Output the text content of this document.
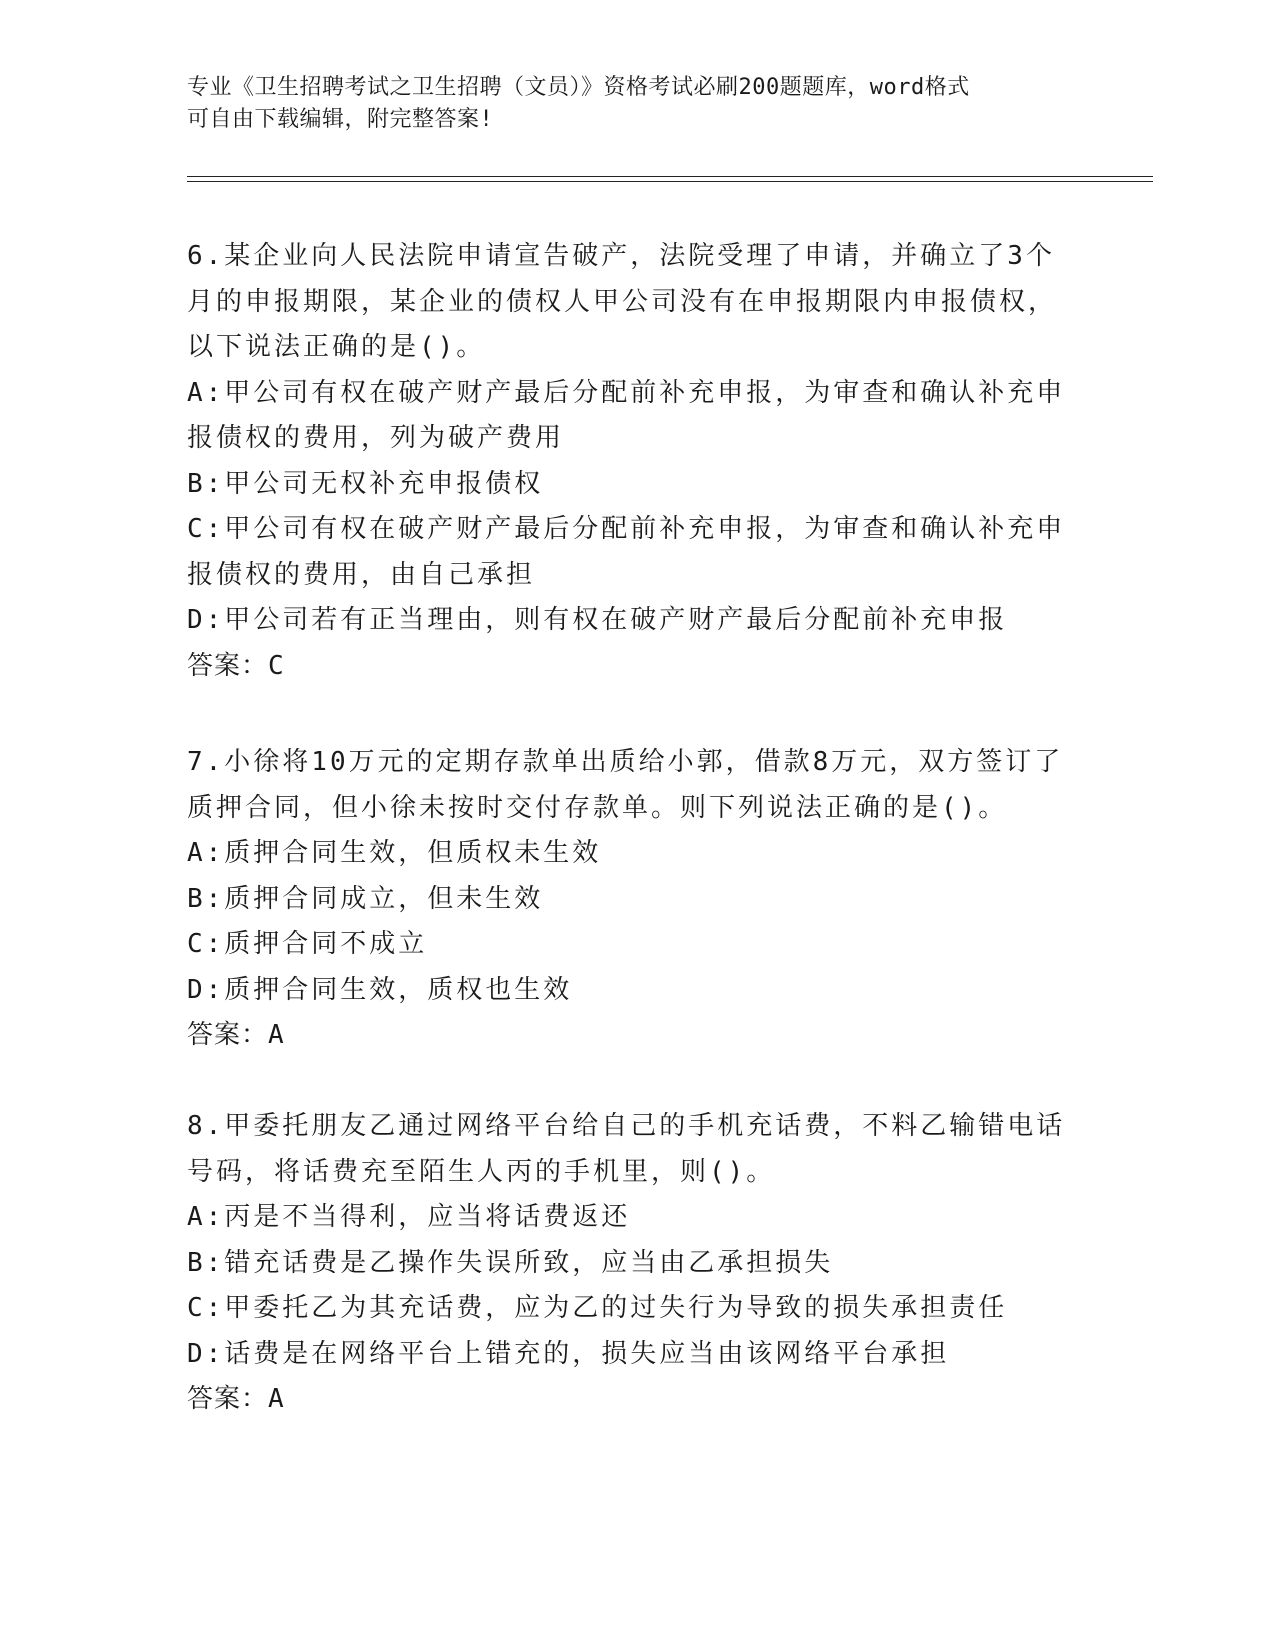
专业《卫生招聘考试之卫生招聘（文员）》资格考试必刷200题题库，word格式
可自由下载编辑，附完整答案!
6.某企业向人民法院申请宣告破产，法院受理了申请，并确立了3个
月的申报期限，某企业的债权人甲公司没有在申报期限内申报债权，
以下说法正确的是()。
A:甲公司有权在破产财产最后分配前补充申报，为审查和确认补充申
报债权的费用，列为破产费用
B:甲公司无权补充申报债权
C:甲公司有权在破产财产最后分配前补充申报，为审查和确认补充申
报债权的费用，由自己承担
D:甲公司若有正当理由，则有权在破产财产最后分配前补充申报
答案：C
7.小徐将10万元的定期存款单出质给小郭，借款8万元，双方签订了
质押合同，但小徐未按时交付存款单。则下列说法正确的是()。
A:质押合同生效，但质权未生效
B:质押合同成立，但未生效
C:质押合同不成立
D:质押合同生效，质权也生效
答案：A
8.甲委托朋友乙通过网络平台给自己的手机充话费，不料乙输错电话
号码，将话费充至陌生人丙的手机里，则()。
A:丙是不当得利，应当将话费返还
B:错充话费是乙操作失误所致，应当由乙承担损失
C:甲委托乙为其充话费，应为乙的过失行为导致的损失承担责任
D:话费是在网络平台上错充的，损失应当由该网络平台承担
答案：A
